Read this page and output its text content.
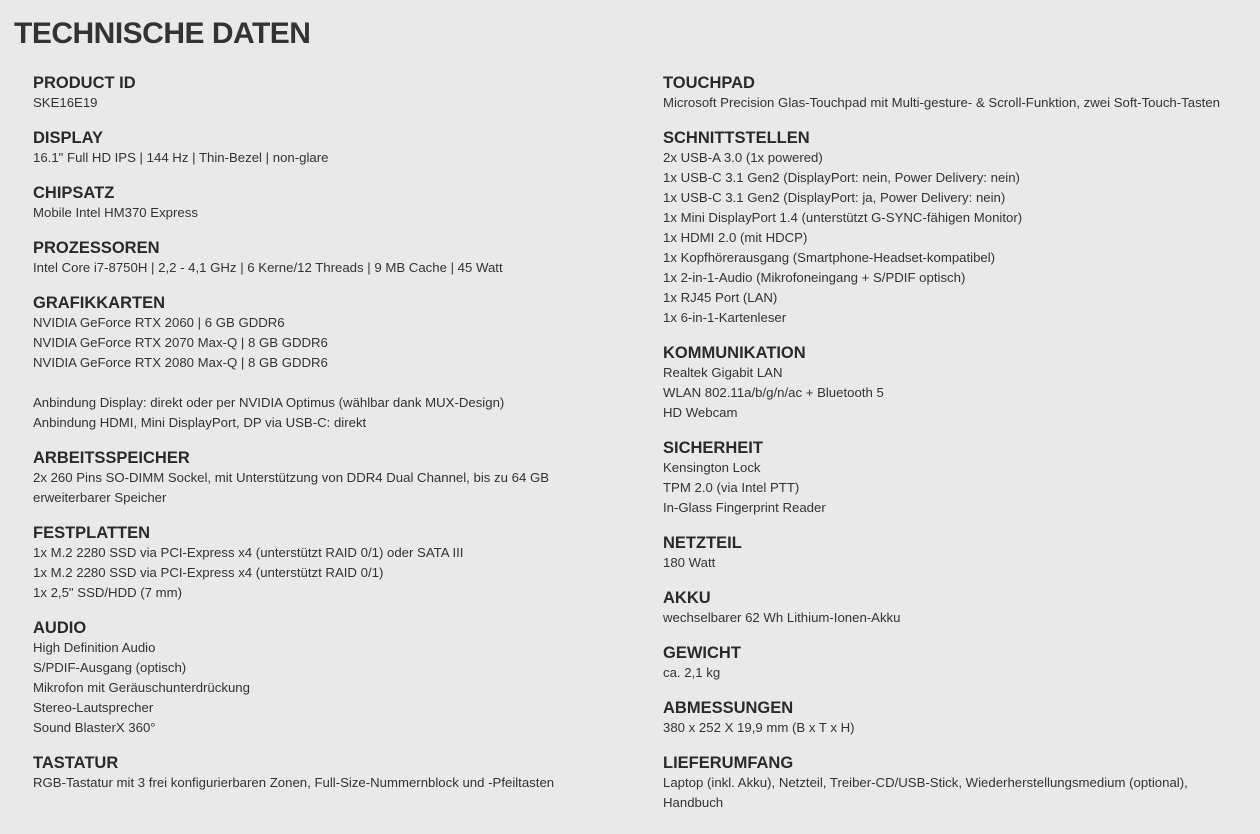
TECHNISCHE DATEN
PRODUCT ID
SKE16E19
DISPLAY
16.1" Full HD IPS | 144 Hz | Thin-Bezel | non-glare
CHIPSATZ
Mobile Intel HM370 Express
PROZESSOREN
Intel Core i7-8750H | 2,2 - 4,1 GHz | 6 Kerne/12 Threads | 9 MB Cache | 45 Watt
GRAFIKKARTEN
NVIDIA GeForce RTX 2060 | 6 GB GDDR6
NVIDIA GeForce RTX 2070 Max-Q | 8 GB GDDR6
NVIDIA GeForce RTX 2080 Max-Q | 8 GB GDDR6
Anbindung Display: direkt oder per NVIDIA Optimus (wählbar dank MUX-Design)
Anbindung HDMI, Mini DisplayPort, DP via USB-C: direkt
ARBEITSSPEICHER
2x 260 Pins SO-DIMM Sockel, mit Unterstützung von DDR4 Dual Channel, bis zu 64 GB
erweiterbarer Speicher
FESTPLATTEN
1x M.2 2280 SSD via PCI-Express x4 (unterstützt RAID 0/1) oder SATA III
1x M.2 2280 SSD via PCI-Express x4 (unterstützt RAID 0/1)
1x 2,5" SSD/HDD (7 mm)
AUDIO
High Definition Audio
S/PDIF-Ausgang (optisch)
Mikrofon mit Geräuschunterdrückung
Stereo-Lautsprecher
Sound BlasterX 360°
TASTATUR
RGB-Tastatur mit 3 frei konfigurierbaren Zonen, Full-Size-Nummernblock und -Pfeiltasten
TOUCHPAD
Microsoft Precision Glas-Touchpad mit Multi-gesture- & Scroll-Funktion, zwei Soft-Touch-Tasten
SCHNITTSTELLEN
2x USB-A 3.0 (1x powered)
1x USB-C 3.1 Gen2 (DisplayPort: nein, Power Delivery: nein)
1x USB-C 3.1 Gen2 (DisplayPort: ja, Power Delivery: nein)
1x Mini DisplayPort 1.4 (unterstützt G-SYNC-fähigen Monitor)
1x HDMI 2.0 (mit HDCP)
1x Kopfhörerausgang (Smartphone-Headset-kompatibel)
1x 2-in-1-Audio (Mikrofoneingang + S/PDIF optisch)
1x RJ45 Port (LAN)
1x 6-in-1-Kartenleser
KOMMUNIKATION
Realtek Gigabit LAN
WLAN 802.11a/b/g/n/ac + Bluetooth 5
HD Webcam
SICHERHEIT
Kensington Lock
TPM 2.0 (via Intel PTT)
In-Glass Fingerprint Reader
NETZTEIL
180 Watt
AKKU
wechselbarer 62 Wh Lithium-Ionen-Akku
GEWICHT
ca. 2,1 kg
ABMESSUNGEN
380 x 252 X 19,9 mm (B x T x H)
LIEFERUMFANG
Laptop (inkl. Akku), Netzteil, Treiber-CD/USB-Stick, Wiederherstellungsmedium (optional),
Handbuch
